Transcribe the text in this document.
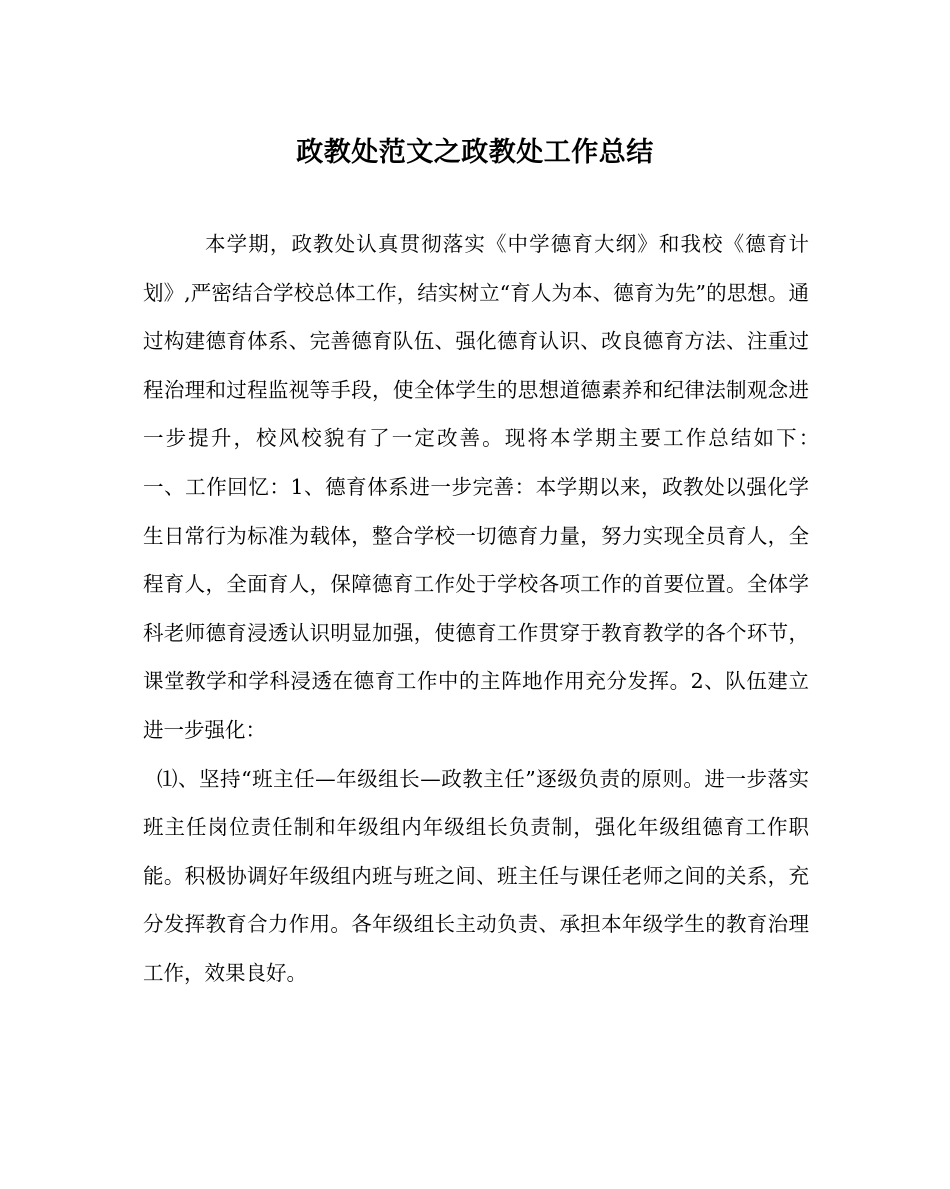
政教处范文之政教处工作总结

本学期，政教处认真贯彻落实《中学德育大纲》和我校《德育计划》,严密结合学校总体工作，结实树立“育人为本、德育为先”的思想。通过构建德育体系、完善德育队伍、强化德育认识、改良德育方法、注重过程治理和过程监视等手段，使全体学生的思想道德素养和纪律法制观念进一步提升，校风校貌有了一定改善。现将本学期主要工作总结如下：　 一、工作回忆：1、德育体系进一步完善：本学期以来，政教处以强化学生日常行为标准为载体，整合学校一切德育力量，努力实现全员育人，全程育人，全面育人，保障德育工作处于学校各项工作的首要位置。全体学科老师德育浸透认识明显加强，使德育工作贯穿于教育教学的各个环节，课堂教学和学科浸透在德育工作中的主阵地作用充分发挥。2、队伍建立进一步强化：

⑴、坚持“班主任—年级组长—政教主任”逐级负责的原则。进一步落实班主任岗位责任制和年级组内年级组长负责制，强化年级组德育工作职能。积极协调好年级组内班与班之间、班主任与课任老师之间的关系，充分发挥教育合力作用。各年级组长主动负责、承担本年级学生的教育治理工作，效果良好。
